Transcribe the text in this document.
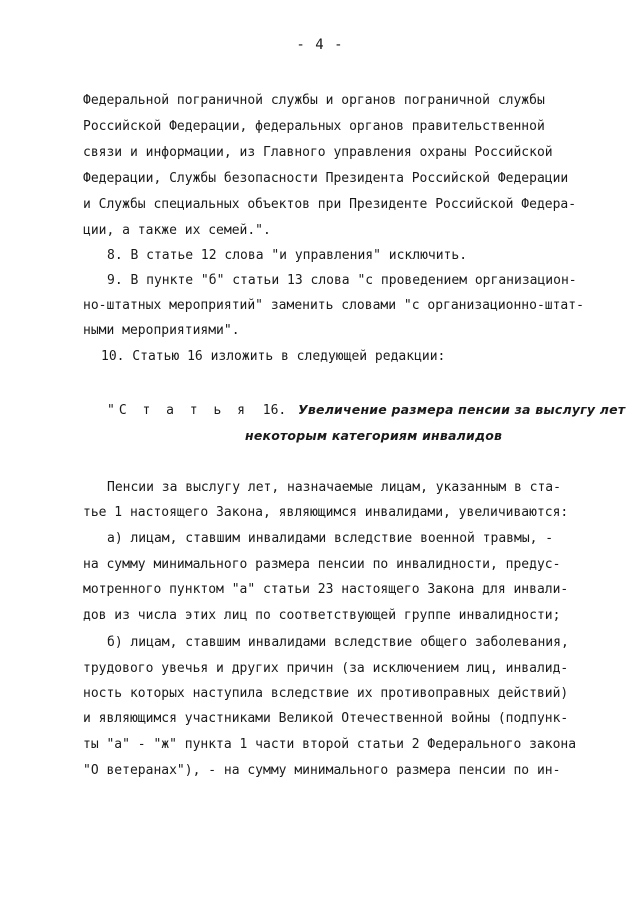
- 4 -
Федеральной пограничной службы и органов пограничной службы
Российской Федерации, федеральных органов правительственной
связи и информации, из Главного управления охраны Российской
Федерации, Службы безопасности Президента Российской Федерации
и Службы специальных объектов при Президенте Российской Федера-
ции, а также их семей.".
8. В статье 12 слова "и управления" исключить.
9. В пункте "б" статьи 13 слова "с проведением организацион-
но-штатных мероприятий" заменить словами "с организационно-штат-
ными мероприятиями".
10. Статью 16 изложить в следующей редакции:
"С т а т ь я 16. Увеличение размера пенсии за выслугу лет
некоторым категориям инвалидов
Пенсии за выслугу лет, назначаемые лицам, указанным в ста-
тье 1 настоящего Закона, являющимся инвалидами, увеличиваются:
а) лицам, ставшим инвалидами вследствие военной травмы, -
на сумму минимального размера пенсии по инвалидности, предус-
мотренного пунктом "а" статьи 23 настоящего Закона для инвали-
дов из числа этих лиц по соответствующей группе инвалидности;
б) лицам, ставшим инвалидами вследствие общего заболевания,
трудового увечья и других причин (за исключением лиц, инвалид-
ность которых наступила вследствие их противоправных действий)
и являющимся участниками Великой Отечественной войны (подпунк-
ты "а" - "ж" пункта 1 части второй статьи 2 Федерального закона
"О ветеранах"), - на сумму минимального размера пенсии по ин-
